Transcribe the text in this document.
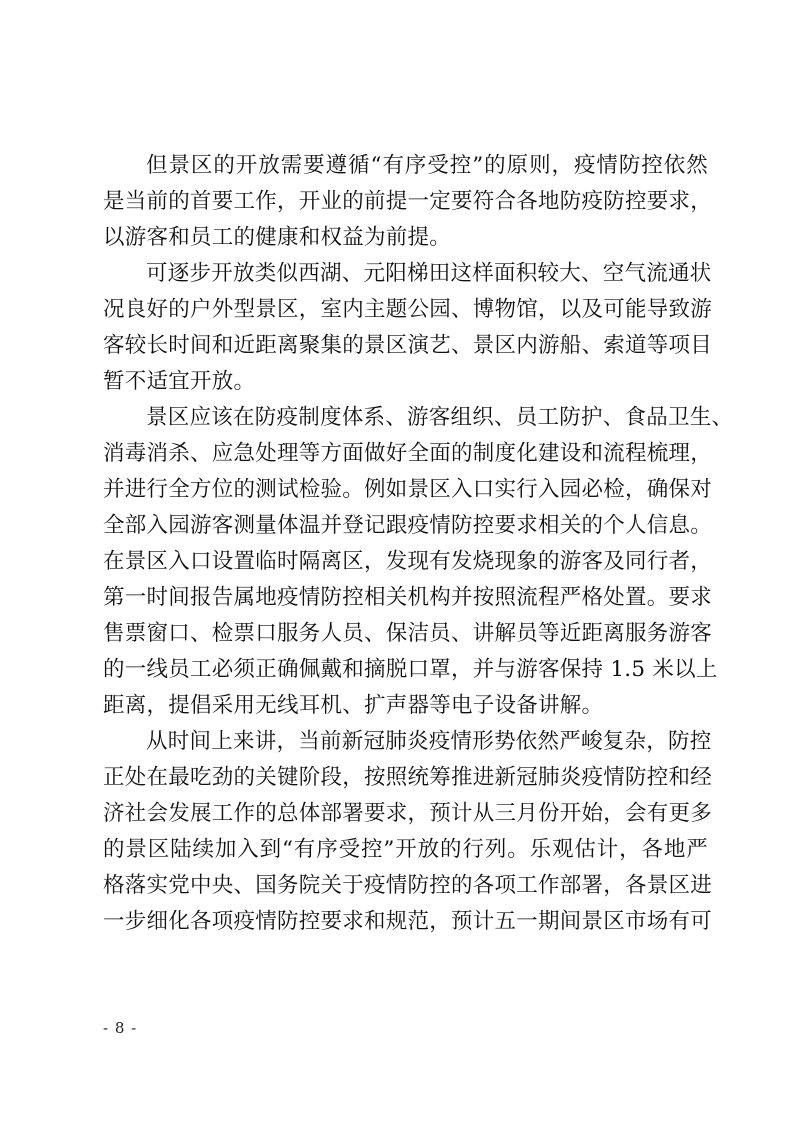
但景区的开放需要遵循“有序受控”的原则，疫情防控依然
是当前的首要工作，开业的前提一定要符合各地防疫防控要求，
以游客和员工的健康和权益为前提。
可逐步开放类似西湖、元阳梯田这样面积较大、空气流通状
况良好的户外型景区，室内主题公园、博物馆，以及可能导致游
客较长时间和近距离聚集的景区演艺、景区内游船、索道等项目
暂不适宜开放。
景区应该在防疫制度体系、游客组织、员工防护、食品卫生、
消毒消杀、应急处理等方面做好全面的制度化建设和流程梳理，
并进行全方位的测试检验。例如景区入口实行入园必检，确保对
全部入园游客测量体温并登记跟疫情防控要求相关的个人信息。
在景区入口设置临时隔离区，发现有发烧现象的游客及同行者，
第一时间报告属地疫情防控相关机构并按照流程严格处置。要求
售票窗口、检票口服务人员、保洁员、讲解员等近距离服务游客
的一线员工必须正确佩戴和摘脱口罩，并与游客保持 1.5 米以上
距离，提倡采用无线耳机、扩声器等电子设备讲解。
从时间上来讲，当前新冠肺炎疫情形势依然严峻复杂，防控
正处在最吃劲的关键阶段，按照统筹推进新冠肺炎疫情防控和经
济社会发展工作的总体部署要求，预计从三月份开始，会有更多
的景区陆续加入到“有序受控”开放的行列。乐观估计，各地严
格落实党中央、国务院关于疫情防控的各项工作部署，各景区进
一步细化各项疫情防控要求和规范，预计五一期间景区市场有可
- 8 -
